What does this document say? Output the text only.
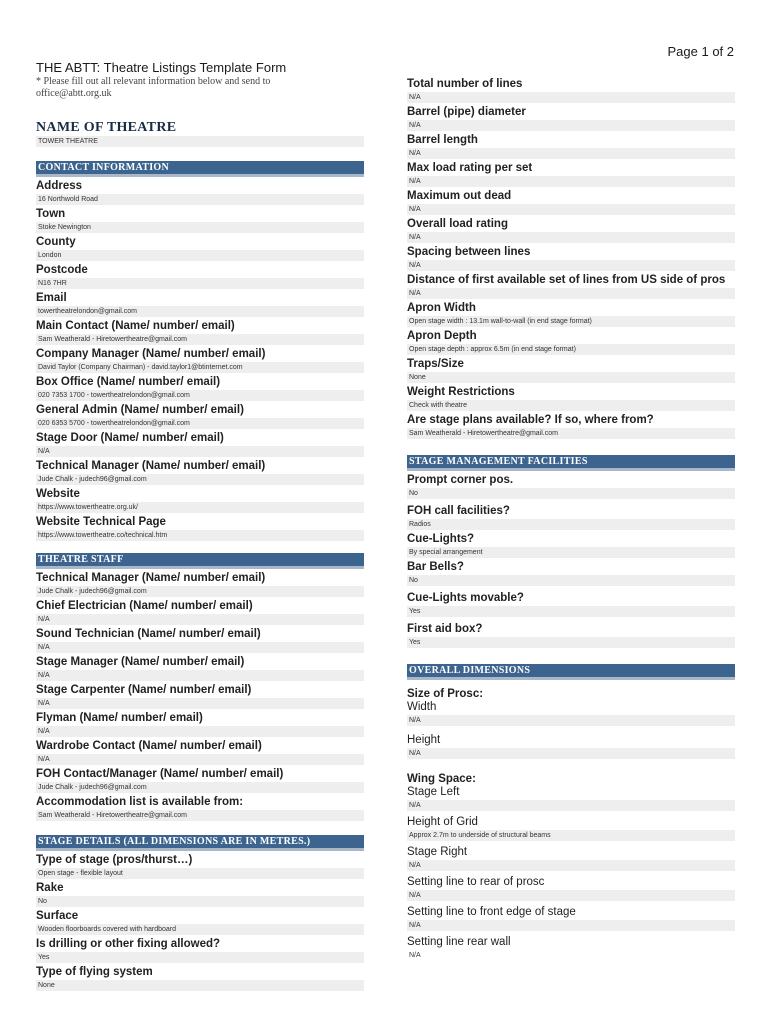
Page 1 of 2
THE ABTT: Theatre Listings Template Form
* Please fill out all relevant information below and send to
office@abtt.org.uk
NAME OF THEATRE
TOWER THEATRE
CONTACT INFORMATION
Address
16 Northwold Road
Town
Stoke Newington
County
London
Postcode
N16 7HR
Email
towertheatrelondon@gmail.com
Main Contact (Name/ number/ email)
Sam Weatherald - Hiretowertheatre@gmail.com
Company Manager (Name/ number/ email)
David Taylor (Company Chairman) - david.taylor1@btinternet.com
Box Office (Name/ number/ email)
020 7353 1700 - towertheatrelondon@gmail.com
General Admin (Name/ number/ email)
020 6353 5700 - towertheatrelondon@gmail.com
Stage Door (Name/ number/ email)
N/A
Technical Manager (Name/ number/ email)
Jude Chalk - judech96@gmail.com
Website
https://www.towertheatre.org.uk/
Website Technical Page
https://www.towertheatre.co/technical.htm
THEATRE STAFF
Technical Manager (Name/ number/ email)
Jude Chalk - judech96@gmail.com
Chief Electrician (Name/ number/ email)
N/A
Sound Technician (Name/ number/ email)
N/A
Stage Manager (Name/ number/ email)
N/A
Stage Carpenter (Name/ number/ email)
N/A
Flyman (Name/ number/ email)
N/A
Wardrobe Contact (Name/ number/ email)
N/A
FOH Contact/Manager (Name/ number/ email)
Jude Chalk - judech96@gmail.com
Accommodation list is available from:
Sam Weatherald - Hiretowertheatre@gmail.com
STAGE DETAILS (ALL DIMENSIONS ARE IN METRES.)
Type of stage (pros/thurst…)
Open stage - flexible layout
Rake
No
Surface
Wooden floorboards covered with hardboard
Is drilling or other fixing allowed?
Yes
Type of flying system
None
Total number of lines
N/A
Barrel (pipe) diameter
N/A
Barrel length
N/A
Max load rating per set
N/A
Maximum out dead
N/A
Overall load rating
N/A
Spacing between lines
N/A
Distance of first available set of lines from US side of pros
N/A
Apron Width
Open stage width : 13.1m wall-to-wall (in end stage format)
Apron Depth
Open stage depth : approx 6.5m (in end stage format)
Traps/Size
None
Weight Restrictions
Check with theatre
Are stage plans available? If so, where from?
Sam Weatherald - Hiretowertheatre@gmail.com
STAGE MANAGEMENT FACILITIES
Prompt corner pos.
No
FOH call facilities?
Radios
Cue-Lights?
By special arrangement
Bar Bells?
No
Cue-Lights movable?
Yes
First aid box?
Yes
OVERALL DIMENSIONS
Size of Prosc:
Width
N/A
Height
N/A
Wing Space:
Stage Left
N/A
Height of Grid
Approx 2.7m to underside of structural beams
Stage Right
N/A
Setting line to rear of prosc
N/A
Setting line to front edge of stage
N/A
Setting line rear wall
N/A
